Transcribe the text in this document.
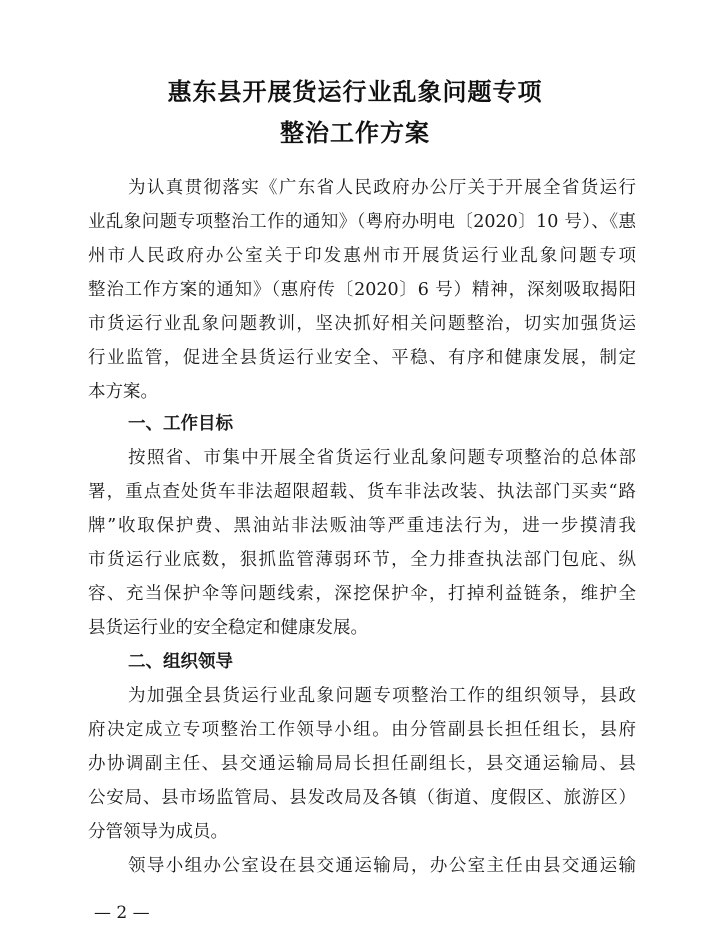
惠东县开展货运行业乱象问题专项
整治工作方案
为认真贯彻落实《广东省人民政府办公厅关于开展全省货运行
业乱象问题专项整治工作的通知》（粤府办明电〔2020〕10 号）、《惠
州市人民政府办公室关于印发惠州市开展货运行业乱象问题专项
整治工作方案的通知》（惠府传〔2020〕6 号）精神，深刻吸取揭阳
市货运行业乱象问题教训，坚决抓好相关问题整治，切实加强货运
行业监管，促进全县货运行业安全、平稳、有序和健康发展，制定
本方案。
一、工作目标
按照省、市集中开展全省货运行业乱象问题专项整治的总体部
署，重点查处货车非法超限超载、货车非法改装、执法部门买卖“路
牌”收取保护费、黑油站非法贩油等严重违法行为，进一步摸清我
市货运行业底数，狠抓监管薄弱环节，全力排查执法部门包庇、纵
容、充当保护伞等问题线索，深挖保护伞，打掉利益链条，维护全
县货运行业的安全稳定和健康发展。
二、组织领导
为加强全县货运行业乱象问题专项整治工作的组织领导，县政
府决定成立专项整治工作领导小组。由分管副县长担任组长，县府
办协调副主任、县交通运输局局长担任副组长，县交通运输局、县
公安局、县市场监管局、县发改局及各镇（街道、度假区、旅游区）
分管领导为成员。
领导小组办公室设在县交通运输局，办公室主任由县交通运输
— 2 —
